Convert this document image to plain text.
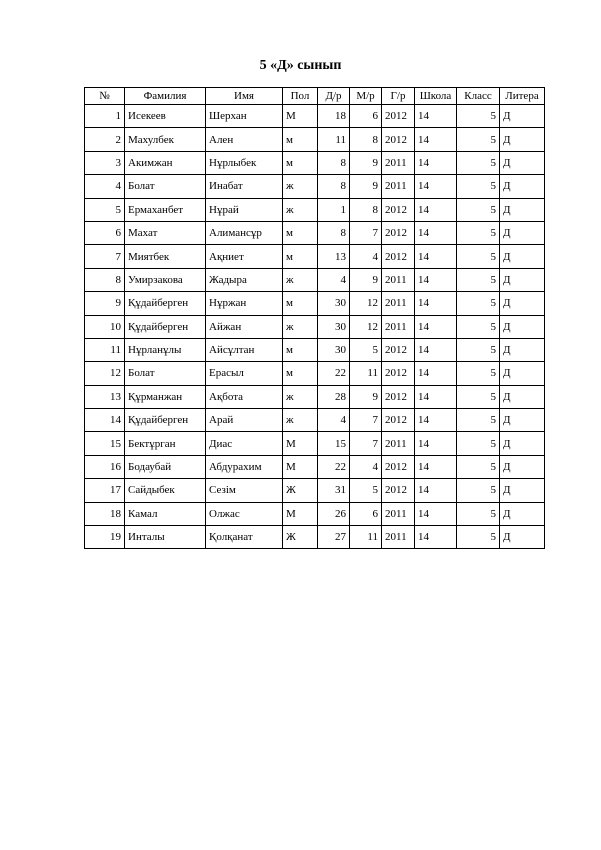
5 «Д» сынып
№	Фамилия	Имя	Пол	Д/р	М/р	Г/р	Школа	Класс	Литера
1	Исекеев	Шерхан	М	18	6	2012	14	5	Д
2	Махулбек	Ален	м	11	8	2012	14	5	Д
3	Акимжан	Нұрлыбек	м	8	9	2011	14	5	Д
4	Болат	Инабат	ж	8	9	2011	14	5	Д
5	Ермаханбет	Нұрай	ж	1	8	2012	14	5	Д
6	Махат	Алимансұр	м	8	7	2012	14	5	Д
7	Миятбек	Ақниет	м	13	4	2012	14	5	Д
8	Умирзакова	Жадыра	ж	4	9	2011	14	5	Д
9	Құдайберген	Нұржан	м	30	12	2011	14	5	Д
10	Құдайберген	Айжан	ж	30	12	2011	14	5	Д
11	Нұрланұлы	Айсұлтан	м	30	5	2012	14	5	Д
12	Болат	Ерасыл	м	22	11	2012	14	5	Д
13	Құрманжан	Ақбота	ж	28	9	2012	14	5	Д
14	Құдайберген	Арай	ж	4	7	2012	14	5	Д
15	Бектұрган	Диас	М	15	7	2011	14	5	Д
16	Бодаубай	Абдурахим	М	22	4	2012	14	5	Д
17	Сайдыбек	Сезім	Ж	31	5	2012	14	5	Д
18	Камал	Олжас	М	26	6	2011	14	5	Д
19	Инталы	Қолқанат	Ж	27	11	2011	14	5	Д
